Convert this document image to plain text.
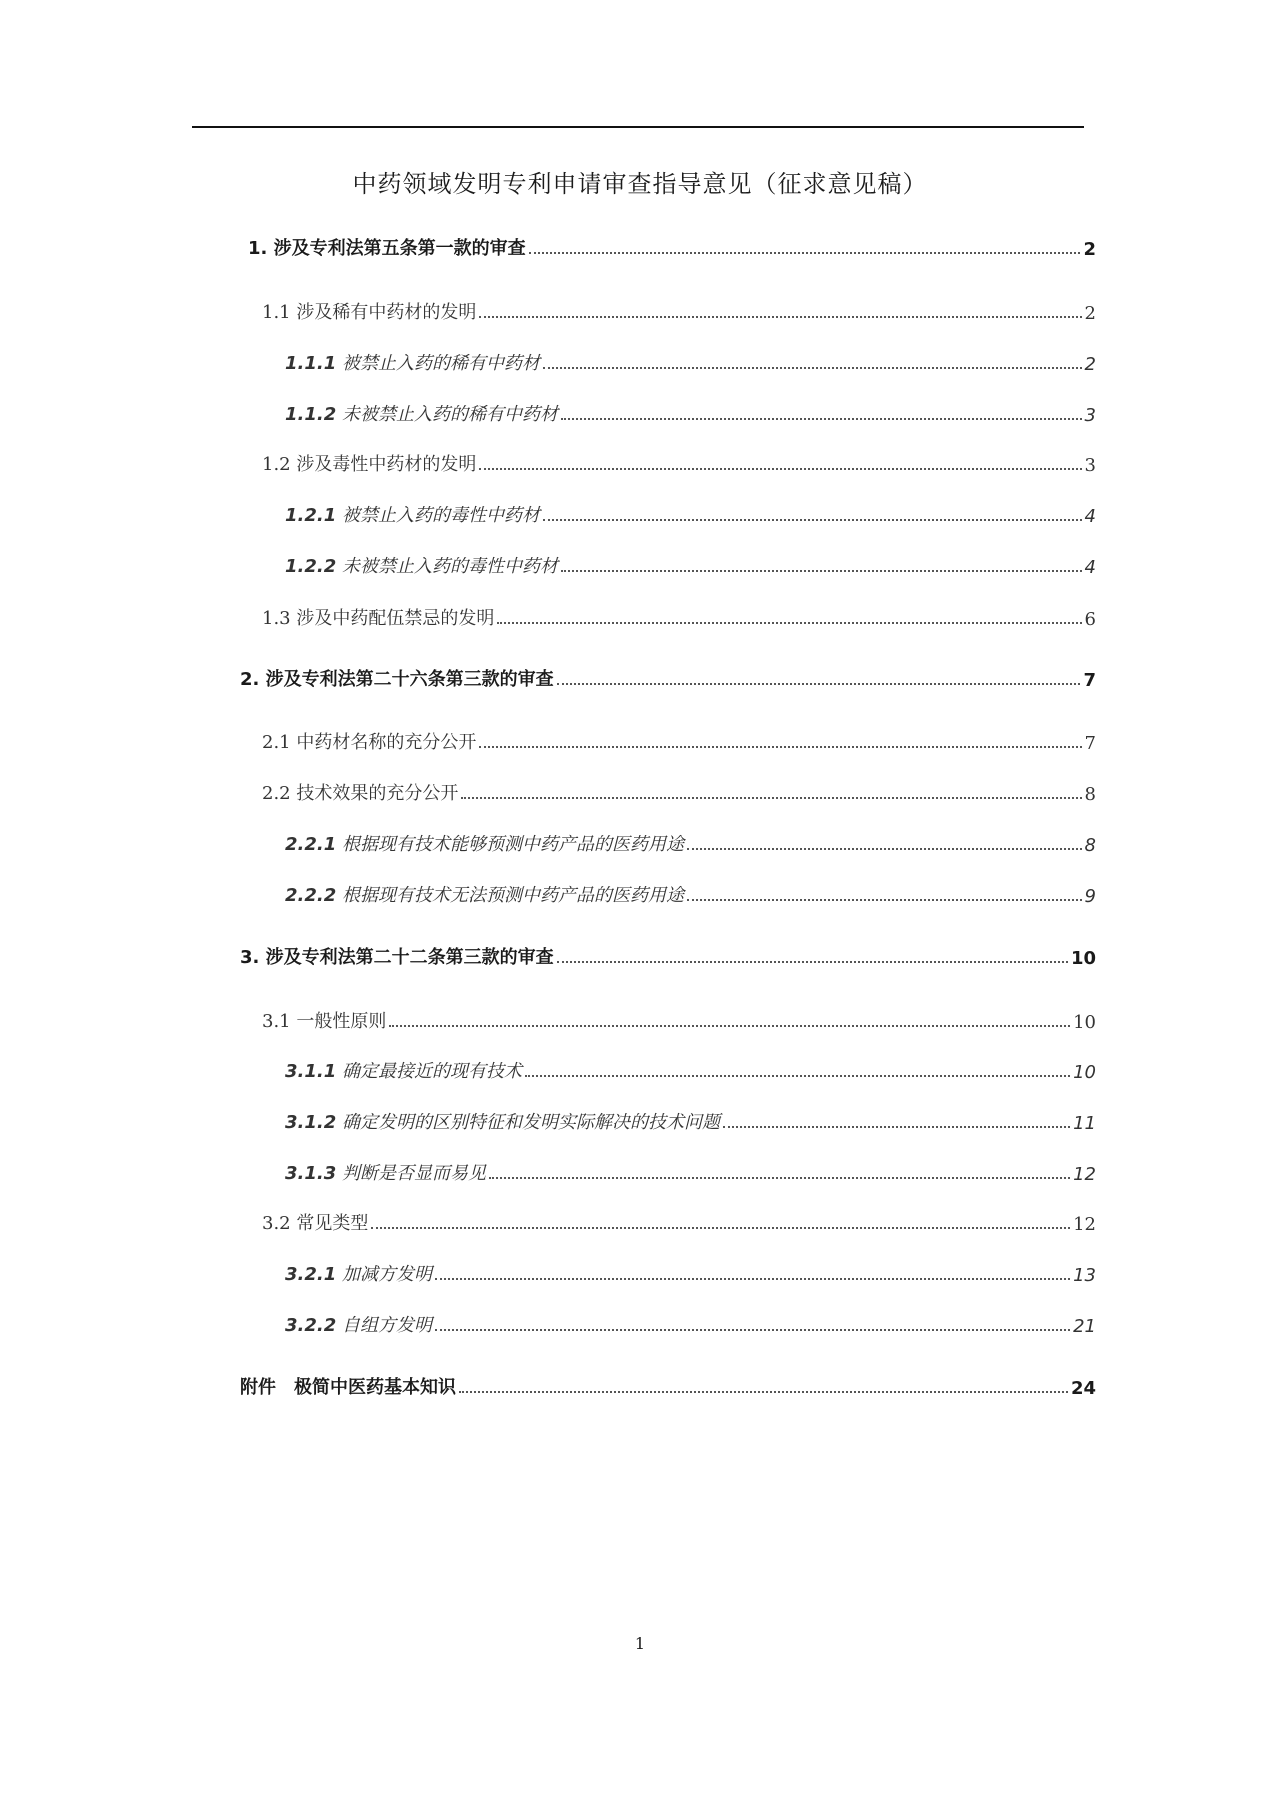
中药领域发明专利申请审查指导意见（征求意见稿）
1. 涉及专利法第五条第一款的审查	2
1.1 涉及稀有中药材的发明	2
1.1.1 被禁止入药的稀有中药材	2
1.1.2 未被禁止入药的稀有中药材	3
1.2 涉及毒性中药材的发明	3
1.2.1 被禁止入药的毒性中药材	4
1.2.2 未被禁止入药的毒性中药材	4
1.3 涉及中药配伍禁忌的发明	6
2. 涉及专利法第二十六条第三款的审查	7
2.1 中药材名称的充分公开	7
2.2 技术效果的充分公开	8
2.2.1 根据现有技术能够预测中药产品的医药用途	8
2.2.2 根据现有技术无法预测中药产品的医药用途	9
3. 涉及专利法第二十二条第三款的审查	10
3.1 一般性原则	10
3.1.1 确定最接近的现有技术	10
3.1.2 确定发明的区别特征和发明实际解决的技术问题	11
3.1.3 判断是否显而易见	12
3.2 常见类型	12
3.2.1 加减方发明	13
3.2.2 自组方发明	21
附件　极简中医药基本知识	24
1
